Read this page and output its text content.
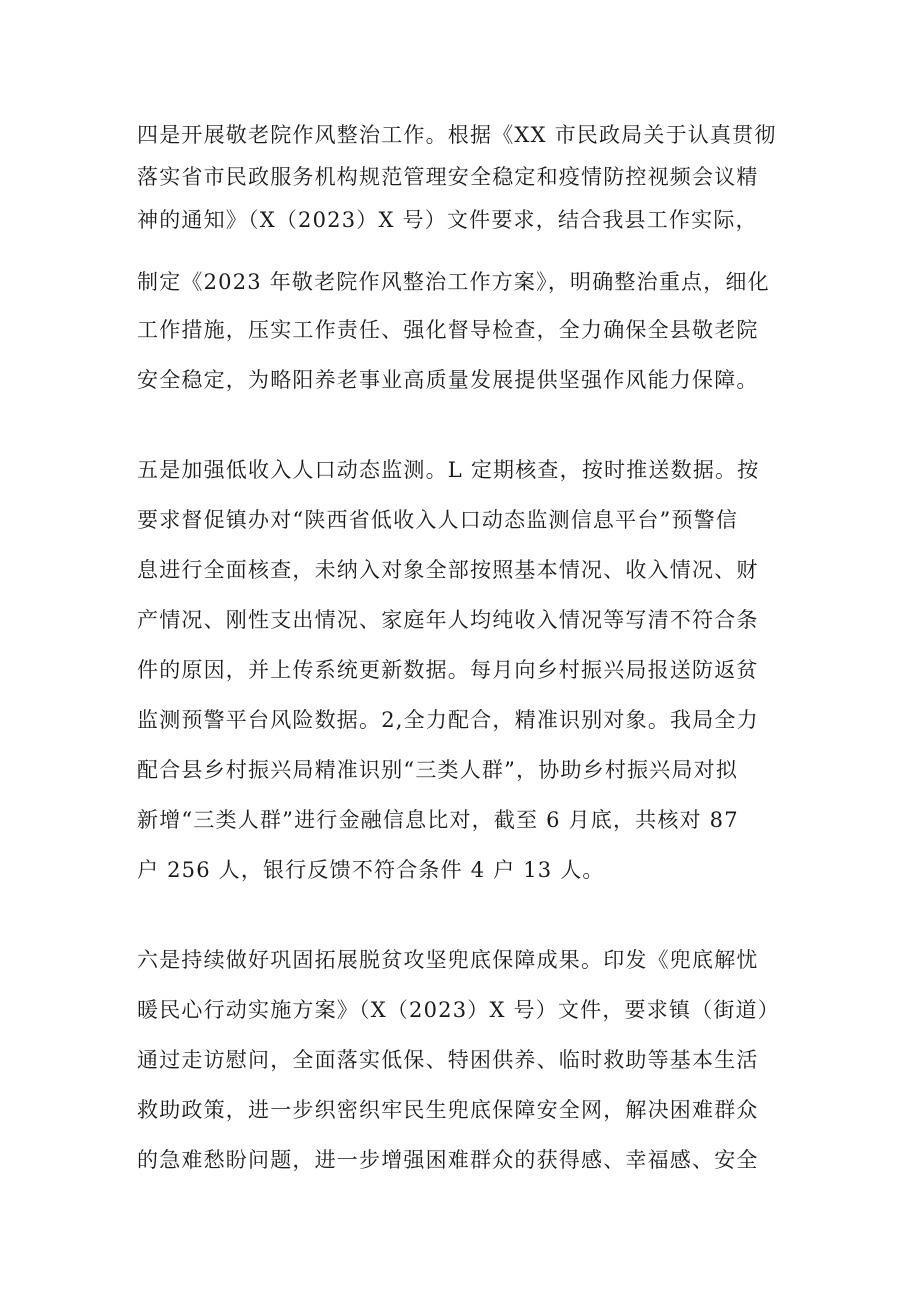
四是开展敬老院作风整治工作。根据《XX 市民政局关于认真贯彻
落实省市民政服务机构规范管理安全稳定和疫情防控视频会议精
神的通知》（X（2023）X 号）文件要求，结合我县工作实际，
制定《2023 年敬老院作风整治工作方案》，明确整治重点，细化
工作措施，压实工作责任、强化督导检查，全力确保全县敬老院
安全稳定，为略阳养老事业高质量发展提供坚强作风能力保障。
五是加强低收入人口动态监测。L 定期核查，按时推送数据。按
要求督促镇办对“陕西省低收入人口动态监测信息平台”预警信
息进行全面核查，未纳入对象全部按照基本情况、收入情况、财
产情况、刚性支出情况、家庭年人均纯收入情况等写清不符合条
件的原因，并上传系统更新数据。每月向乡村振兴局报送防返贫
监测预警平台风险数据。2,全力配合，精准识别对象。我局全力
配合县乡村振兴局精准识别“三类人群”，协助乡村振兴局对拟
新增“三类人群”进行金融信息比对，截至 6 月底，共核对 87
户 256 人，银行反馈不符合条件 4 户 13 人。
六是持续做好巩固拓展脱贫攻坚兜底保障成果。印发《兜底解忧
暖民心行动实施方案》（X（2023）X 号）文件，要求镇（街道）
通过走访慰问，全面落实低保、特困供养、临时救助等基本生活
救助政策，进一步织密织牢民生兜底保障安全网，解决困难群众
的急难愁盼问题，进一步增强困难群众的获得感、幸福感、安全
